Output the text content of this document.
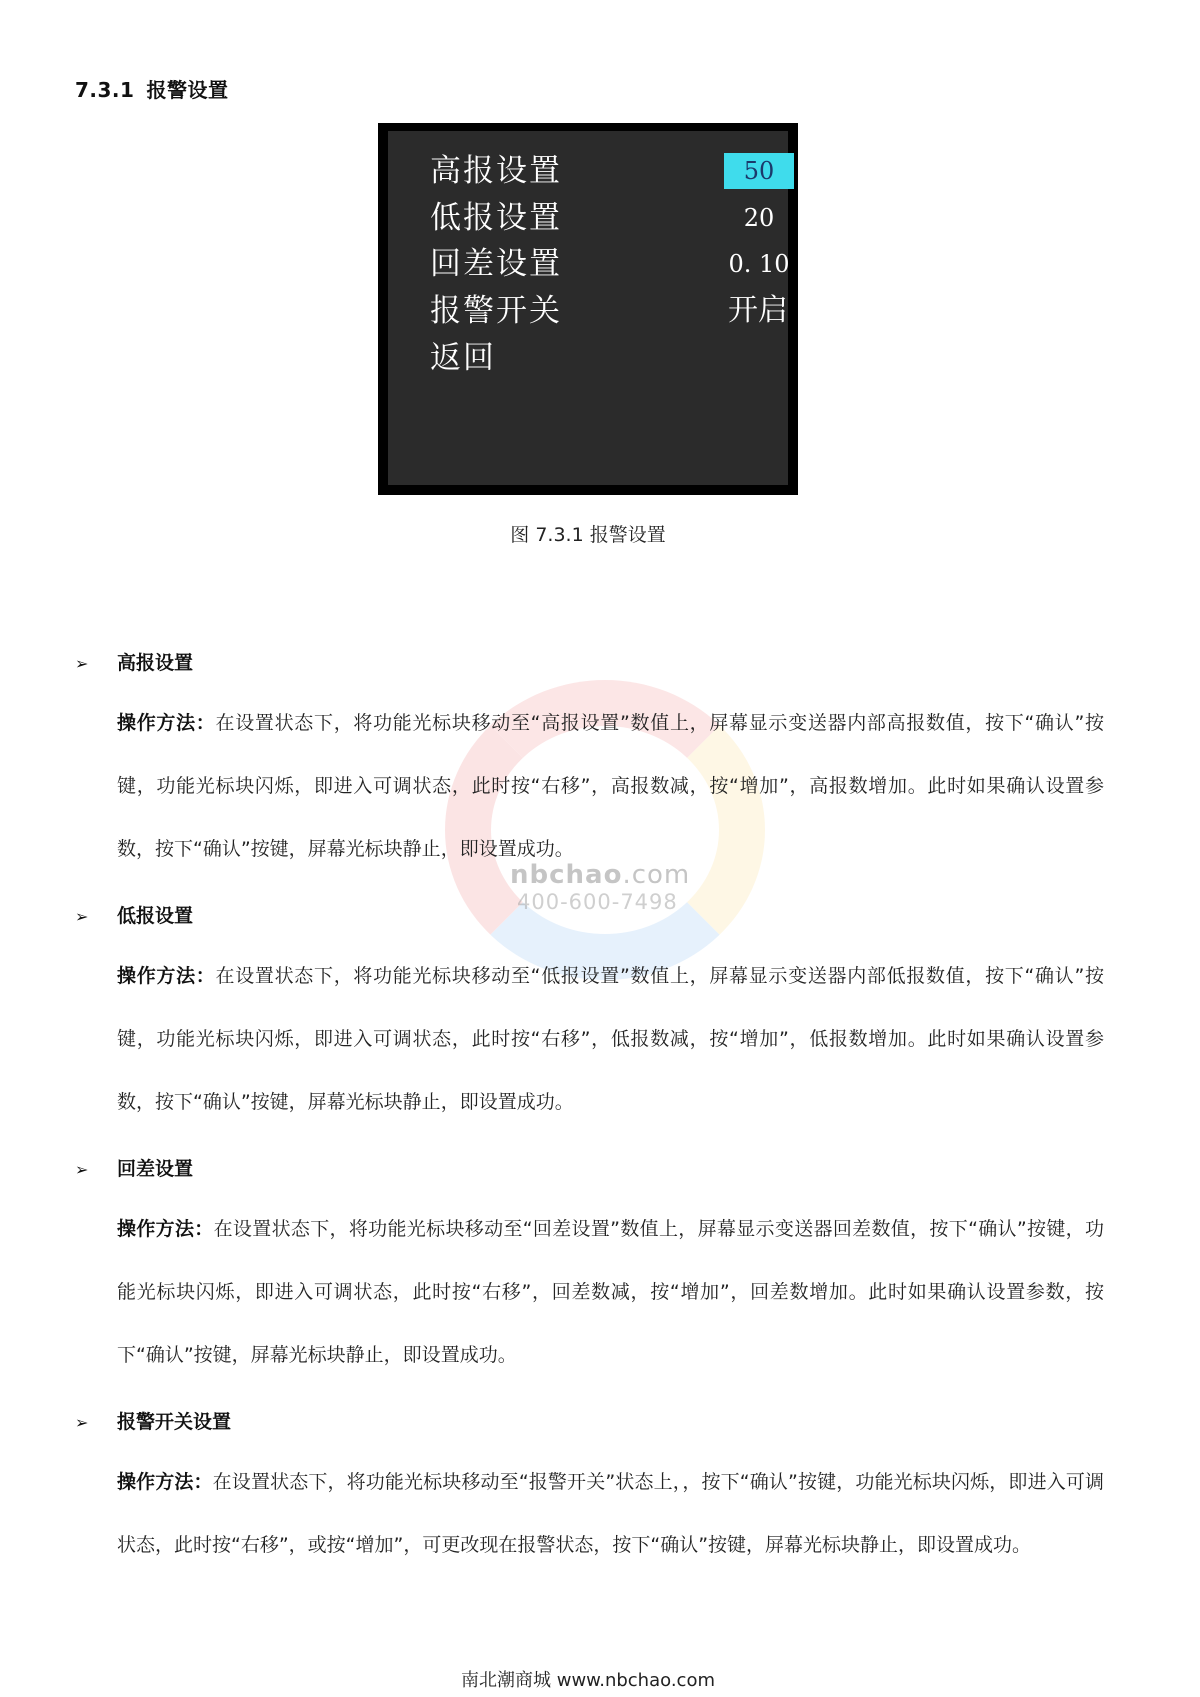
7.3.1 报警设置
高报设置	50
低报设置	20
回差设置	0. 10
报警开关	开启
返回
图 7.3.1 报警设置
nbchao.com
400-600-7498
➢ 高报设置
操作方法：在设置状态下，将功能光标块移动至“高报设置”数值上，屏幕显示变送器内部高报数值，按下“确认”按键，功能光标块闪烁，即进入可调状态，此时按“右移”，高报数减，按“增加”，高报数增加。此时如果确认设置参数，按下“确认”按键，屏幕光标块静止，即设置成功。
➢ 低报设置
操作方法：在设置状态下，将功能光标块移动至“低报设置”数值上，屏幕显示变送器内部低报数值，按下“确认”按键，功能光标块闪烁，即进入可调状态，此时按“右移”，低报数减，按“增加”，低报数增加。此时如果确认设置参数，按下“确认”按键，屏幕光标块静止，即设置成功。
➢ 回差设置
操作方法：在设置状态下，将功能光标块移动至“回差设置”数值上，屏幕显示变送器回差数值，按下“确认”按键，功能光标块闪烁，即进入可调状态，此时按“右移”，回差数减，按“增加”，回差数增加。此时如果确认设置参数，按下“确认”按键，屏幕光标块静止，即设置成功。
➢ 报警开关设置
操作方法：在设置状态下，将功能光标块移动至“报警开关”状态上，，按下“确认”按键，功能光标块闪烁，即进入可调状态，此时按“右移”，或按“增加”，可更改现在报警状态，按下“确认”按键，屏幕光标块静止，即设置成功。
南北潮商城 www.nbchao.com
